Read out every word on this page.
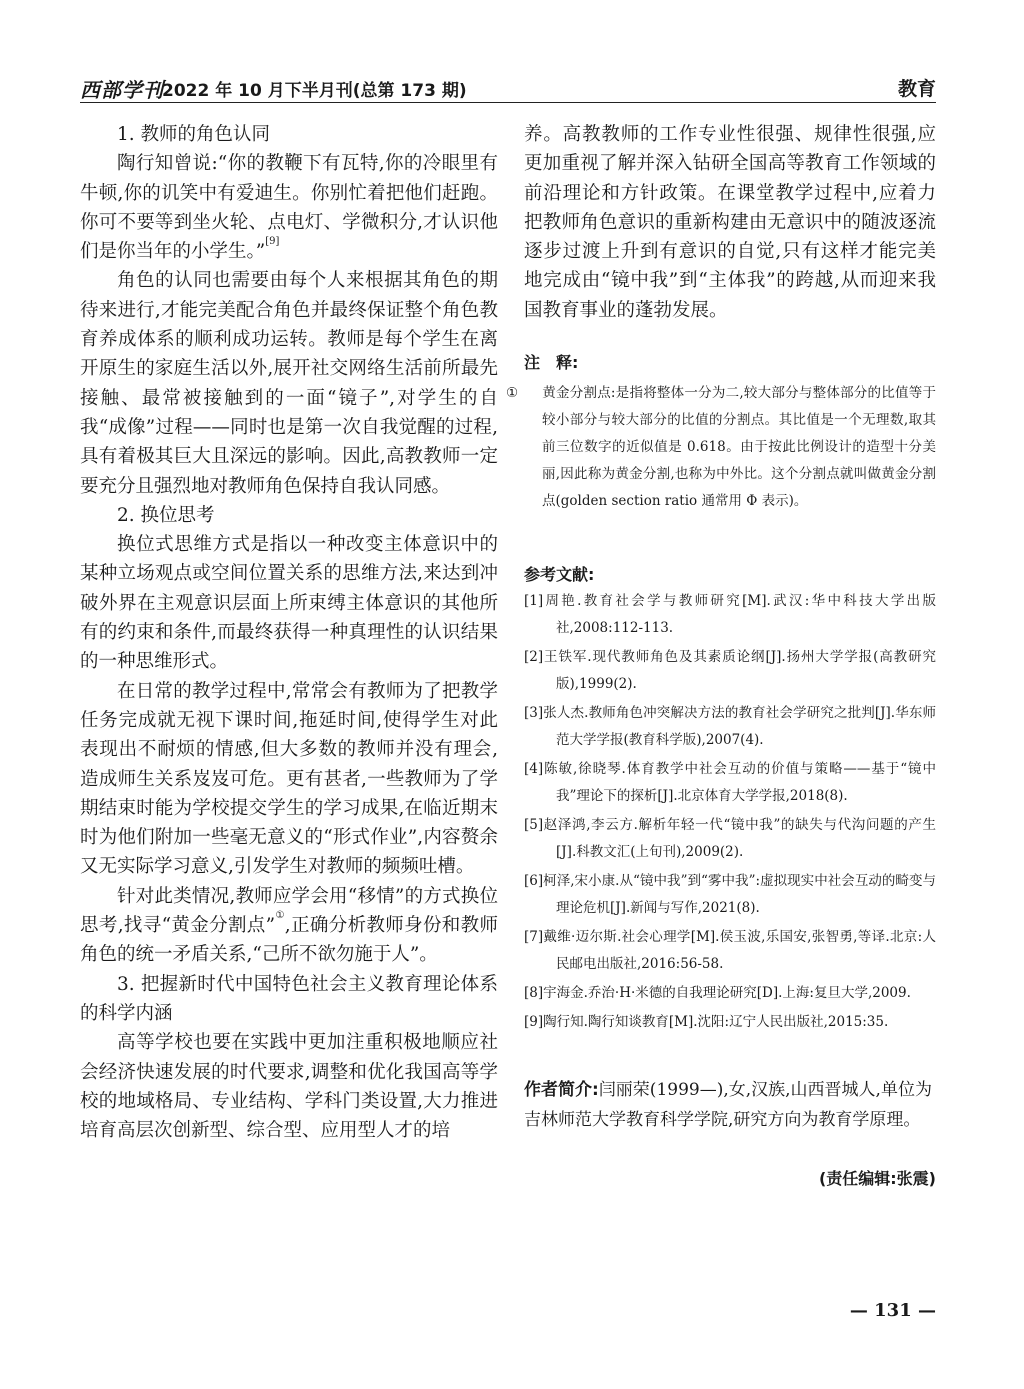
西部学刊
2022 年 10 月下半月刊(总第 173 期)	教育

1. 教师的角色认同

陶行知曾说:“你的教鞭下有瓦特,你的冷眼里有牛顿,你的讥笑中有爱迪生。你别忙着把他们赶跑。你可不要等到坐火轮、点电灯、学微积分,才认识他们是你当年的小学生。”[9]

角色的认同也需要由每个人来根据其角色的期待来进行,才能完美配合角色并最终保证整个角色教育养成体系的顺利成功运转。教师是每个学生在离开原生的家庭生活以外,展开社交网络生活前所最先接触、最常被接触到的一面“镜子”,对学生的自我“成像”过程——同时也是第一次自我觉醒的过程,具有着极其巨大且深远的影响。因此,高教教师一定要充分且强烈地对教师角色保持自我认同感。

2. 换位思考

换位式思维方式是指以一种改变主体意识中的某种立场观点或空间位置关系的思维方法,来达到冲破外界在主观意识层面上所束缚主体意识的其他所有的约束和条件,而最终获得一种真理性的认识结果的一种思维形式。

在日常的教学过程中,常常会有教师为了把教学任务完成就无视下课时间,拖延时间,使得学生对此表现出不耐烦的情感,但大多数的教师并没有理会,造成师生关系岌岌可危。更有甚者,一些教师为了学期结束时能为学校提交学生的学习成果,在临近期末时为他们附加一些毫无意义的“形式作业”,内容赘余又无实际学习意义,引发学生对教师的频频吐槽。

针对此类情况,教师应学会用“移情”的方式换位思考,找寻“黄金分割点”①,正确分析教师身份和教师角色的统一矛盾关系,“己所不欲勿施于人”。

3. 把握新时代中国特色社会主义教育理论体系的科学内涵

高等学校也要在实践中更加注重积极地顺应社会经济快速发展的时代要求,调整和优化我国高等学校的地域格局、专业结构、学科门类设置,大力推进培育高层次创新型、综合型、应用型人才的培

养。高教教师的工作专业性很强、规律性很强,应更加重视了解并深入钻研全国高等教育工作领域的前沿理论和方针政策。在课堂教学过程中,应着力把教师角色意识的重新构建由无意识中的随波逐流逐步过渡上升到有意识的自觉,只有这样才能完美地完成由“镜中我”到“主体我”的跨越,从而迎来我国教育事业的蓬勃发展。

注　释:

① 黄金分割点:是指将整体一分为二,较大部分与整体部分的比值等于较小部分与较大部分的比值的分割点。其比值是一个无理数,取其前三位数字的近似值是 0.618。由于按此比例设计的造型十分美丽,因此称为黄金分割,也称为中外比。这个分割点就叫做黄金分割点(golden section ratio 通常用 Φ 表示)。

参考文献:

[1]周艳.教育社会学与教师研究[M].武汉:华中科技大学出版社,2008:112-113.

[2]王铁军.现代教师角色及其素质论纲[J].扬州大学学报(高教研究版),1999(2).

[3]张人杰.教师角色冲突解决方法的教育社会学研究之批判[J].华东师范大学学报(教育科学版),2007(4).

[4]陈敏,徐晓琴.体育教学中社会互动的价值与策略——基于“镜中我”理论下的探析[J].北京体育大学学报,2018(8).

[5]赵泽鸿,李云方.解析年轻一代“镜中我”的缺失与代沟问题的产生[J].科教文汇(上旬刊),2009(2).

[6]柯泽,宋小康.从“镜中我”到“雾中我”:虚拟现实中社会互动的畸变与理论危机[J].新闻与写作,2021(8).

[7]戴维·迈尔斯.社会心理学[M].侯玉波,乐国安,张智勇,等译.北京:人民邮电出版社,2016:56-58.

[8]宇海金.乔治·H·米德的自我理论研究[D].上海:复旦大学,2009.

[9]陶行知.陶行知谈教育[M].沈阳:辽宁人民出版社,2015:35.

作者简介:闫丽荣(1999—),女,汉族,山西晋城人,单位为吉林师范大学教育科学学院,研究方向为教育学原理。
(责任编辑:张震)
— 131 —
